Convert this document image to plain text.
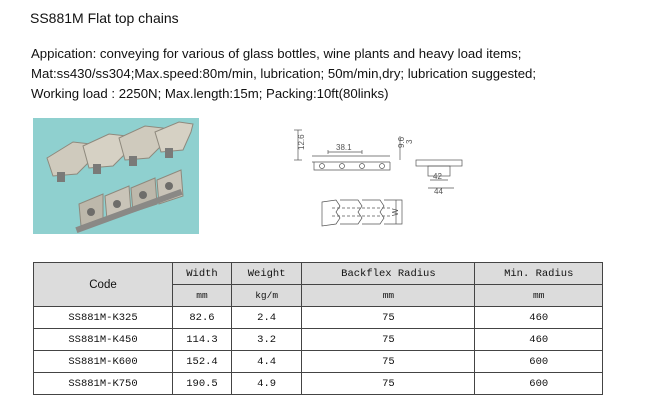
SS881M Flat top chains
Appication: conveying for various of glass bottles, wine plants and heavy load items;
Mat:ss430/ss304;Max.speed:80m/min, lubrication; 50m/min,dry; lubrication suggested;
Working load : 2250N; Max.length:15m; Packing:10ft(80links)
12.6	38.1	9.6 3
42
44
W
Code	Width	Weight	Backflex Radius	Min. Radius
	mm	kg/m	mm	mm
SS881M-K325	82.6	2.4	75	460
SS881M-K450	114.3	3.2	75	460
SS881M-K600	152.4	4.4	75	600
SS881M-K750	190.5	4.9	75	600
